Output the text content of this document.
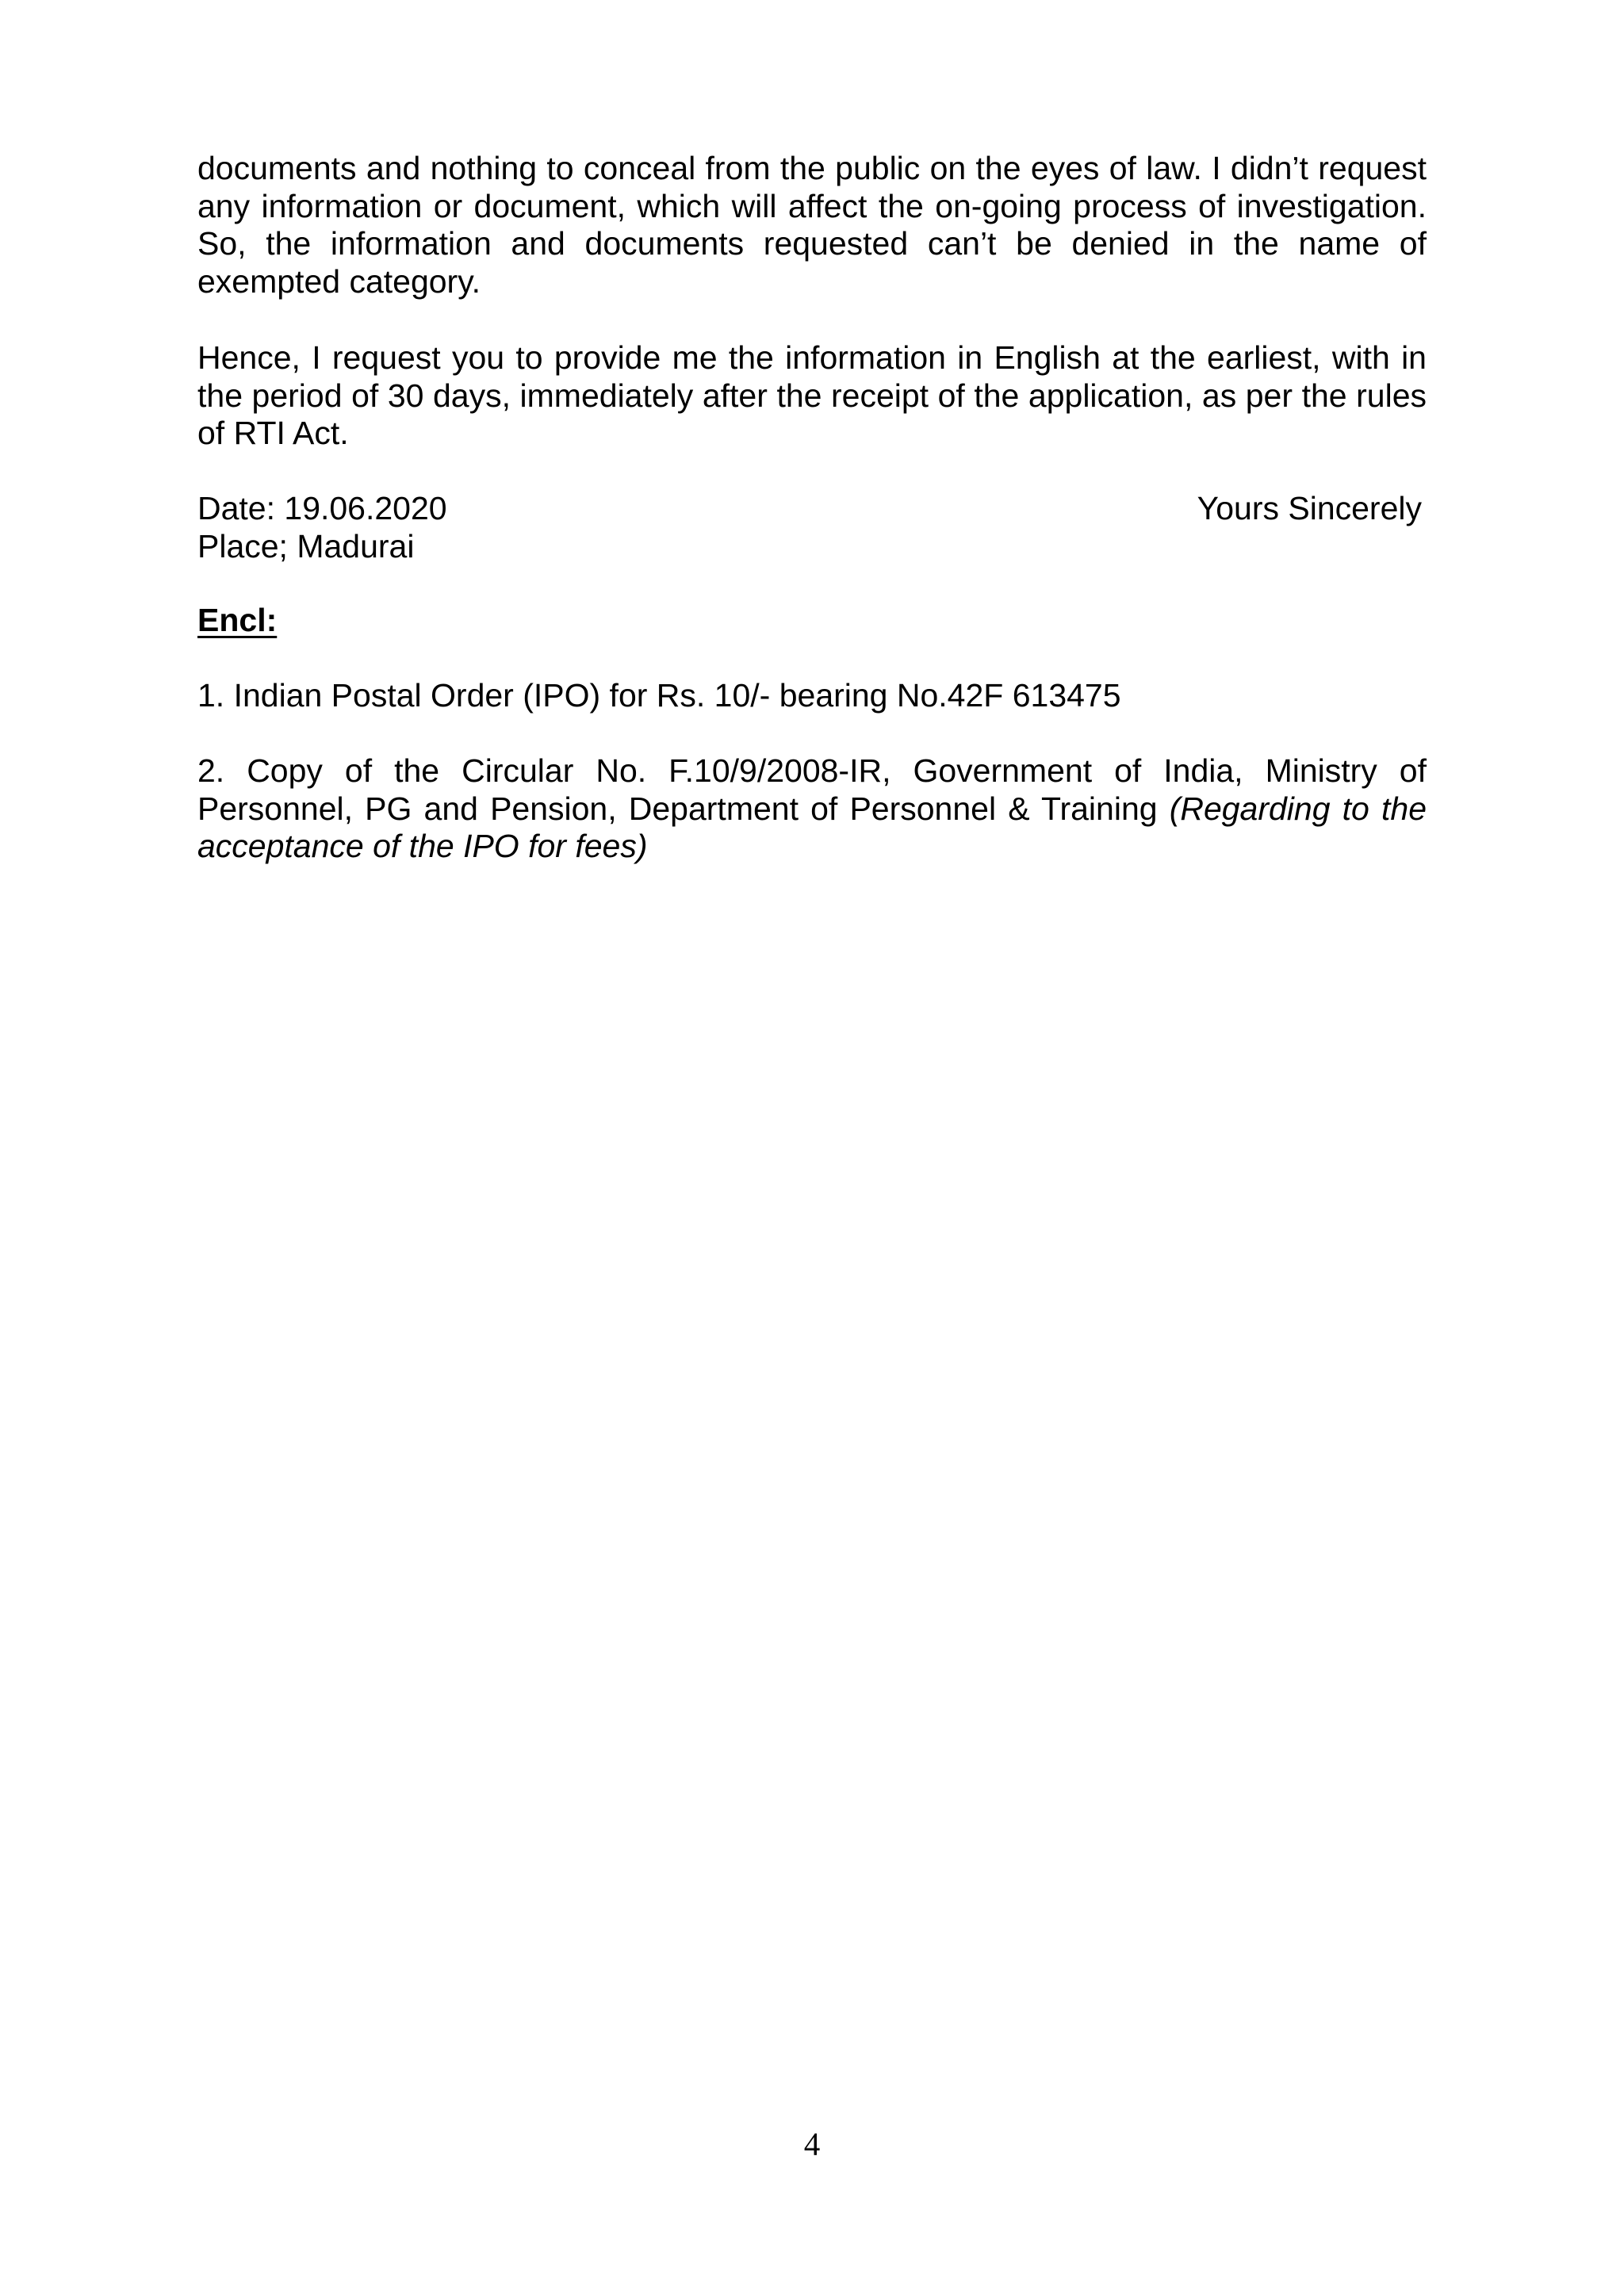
documents and nothing to conceal from the public on the eyes of law. I didn’t request any information or document, which will affect the on-going process of investigation. So, the information and documents requested can’t be denied in the name of exempted category.

Hence, I request you to provide me the information in English at the earliest, with in the period of 30 days, immediately after the receipt of the application, as per the rules of RTI Act.

Date: 19.06.2020
Place; Madurai
Yours Sincerely
Encl:

1. Indian Postal Order (IPO) for Rs. 10/- bearing No.42F 613475

2. Copy of the Circular No. F.10/9/2008-IR, Government of India, Ministry of Personnel, PG and Pension, Department of Personnel & Training (Regarding to the acceptance of the IPO for fees)

4
